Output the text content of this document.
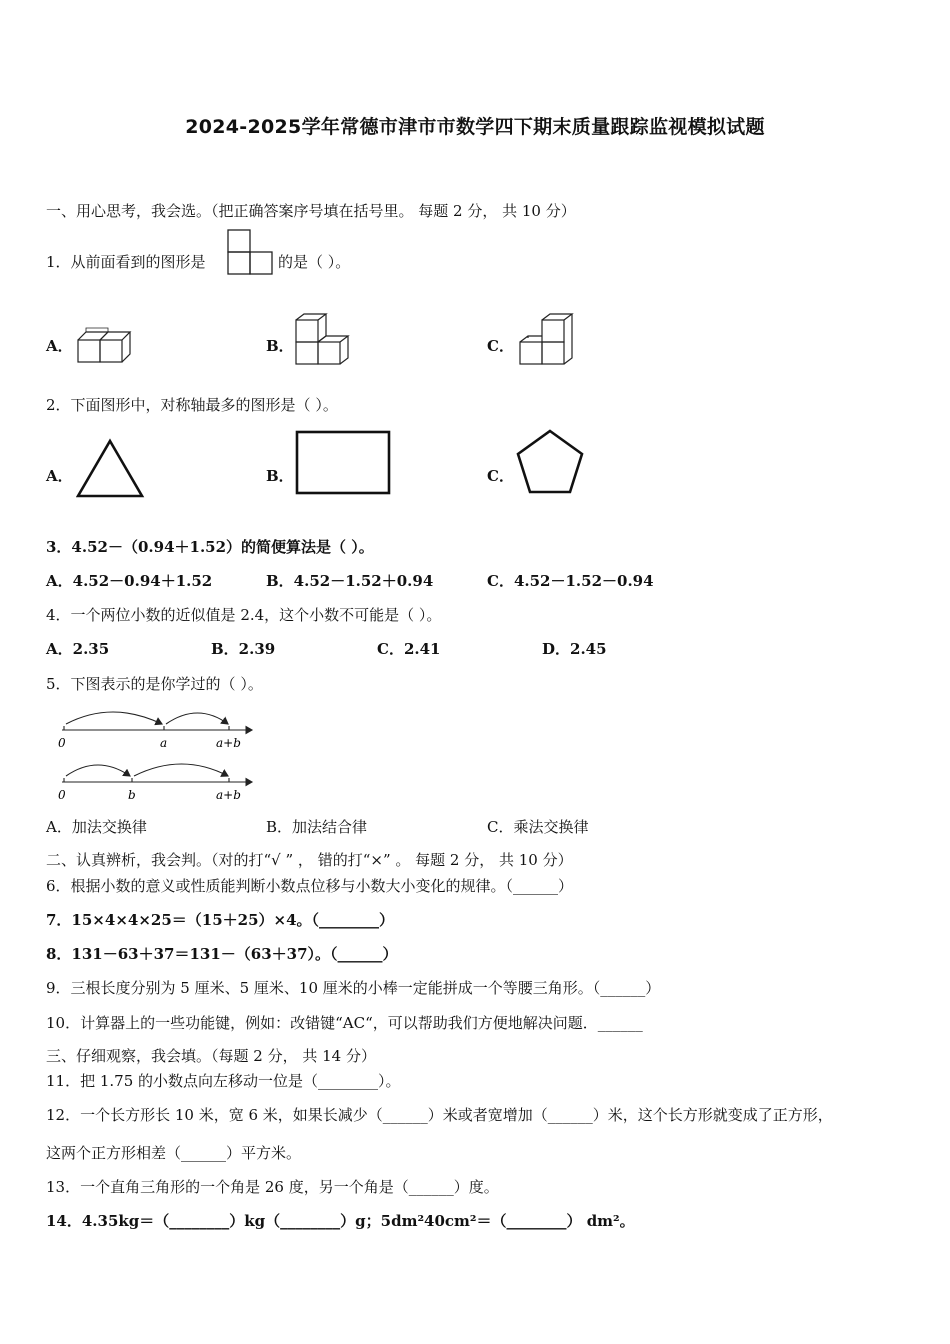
2024-2025学年常德市津市市数学四下期末质量跟踪监视模拟试题
一、用心思考，我会选。（把正确答案序号填在括号里。 每题 2 分， 共 10 分）
1．从前面看到的图形是	的是（ ）。
A．	B．	C．
2．下面图形中，对称轴最多的图形是（ ）。
A．	B．	C．
3．4.52－（0.94＋1.52）的简便算法是（ ）。
A．4.52－0.94＋1.52	B．4.52－1.52＋0.94	C．4.52－1.52－0.94
4．一个两位小数的近似值是 2.4，这个小数不可能是（ ）。
A．2.35	B．2.39	C．2.41	D．2.45
5．下图表示的是你学过的（ ）。
0	a	a+b
0	b	a+b
A．加法交换律	B．加法结合律	C．乘法交换律
二、认真辨析，我会判。（对的打“√ ” ， 错的打“×” 。 每题 2 分， 共 10 分）
6．根据小数的意义或性质能判断小数点位移与小数大小变化的规律。（______）
7．15×4×4×25＝（15＋25）×4。（________）
8．131－63＋37＝131－（63＋37）。（______）
9．三根长度分别为 5 厘米、5 厘米、10 厘米的小棒一定能拼成一个等腰三角形。（______）
10．计算器上的一些功能键，例如：改错键“AC“，可以帮助我们方便地解决问题．______
三、仔细观察，我会填。（每题 2 分， 共 14 分）
11．把 1.75 的小数点向左移动一位是（________）。
12．一个长方形长 10 米，宽 6 米，如果长减少（______）米或者宽增加（______）米，这个长方形就变成了正方形，
这两个正方形相差（______）平方米。
13．一个直角三角形的一个角是 26 度，另一个角是（______）度。
14．4.35kg＝（________）kg（________）g；5dm²40cm²＝（________） dm²。
